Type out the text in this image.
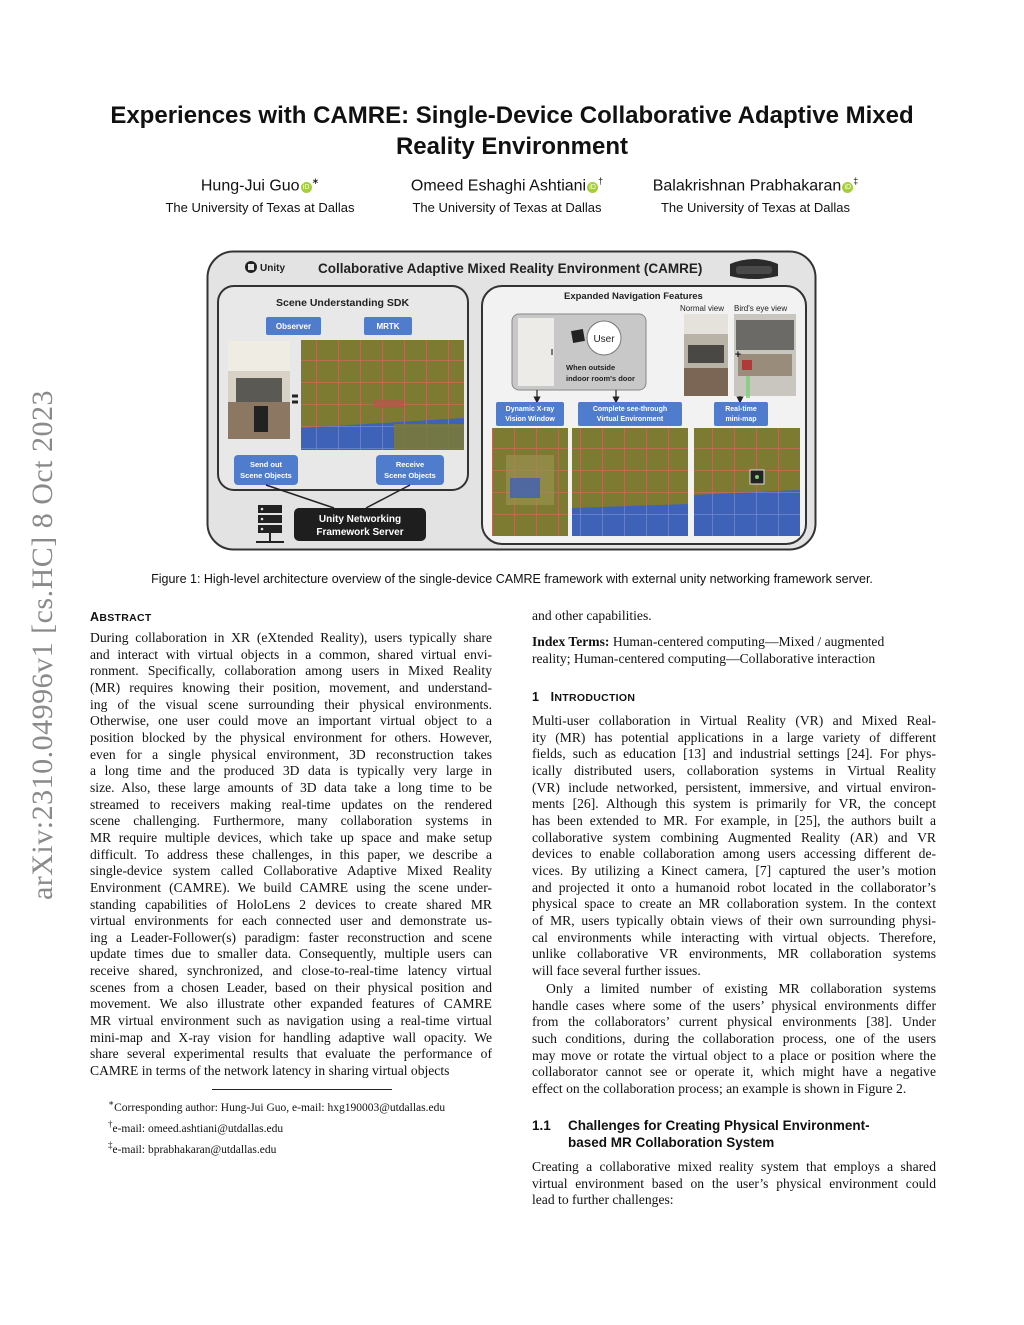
arXiv:2310.04996v1 [cs.HC] 8 Oct 2023
Experiences with CAMRE: Single-Device Collaborative Adaptive Mixed
Reality Environment
Hung-Jui Guo iD∗
The University of Texas at Dallas
Omeed Eshaghi Ashtiani iD†
The University of Texas at Dallas
Balakrishnan Prabhakaran iD‡
The University of Texas at Dallas
Unity Collaborative Adaptive Mixed Reality Environment (CAMRE)
Scene Understanding SDK
Observer	MRTK
Send out
Scene Objects
Receive
Scene Objects
Unity Networking
Framework Server
Expanded Navigation Features
Normal view Bird's eye view
User
When outside
indoor room's door
+
Dynamic X-ray
Vision Window
Complete see-through
Virtual Environment
Real-time
mini-map
Figure 1: High-level architecture overview of the single-device CAMRE framework with external unity networking framework server.
ABSTRACT
During collaboration in XR (eXtended Reality), users typically share
and interact with virtual objects in a common, shared virtual envi-
ronment. Specifically, collaboration among users in Mixed Reality
(MR) requires knowing their position, movement, and understand-
ing of the visual scene surrounding their physical environments.
Otherwise, one user could move an important virtual object to a
position blocked by the physical environment for others. However,
even for a single physical environment, 3D reconstruction takes
a long time and the produced 3D data is typically very large in
size. Also, these large amounts of 3D data take a long time to be
streamed to receivers making real-time updates on the rendered
scene challenging. Furthermore, many collaboration systems in
MR require multiple devices, which take up space and make setup
difficult. To address these challenges, in this paper, we describe a
single-device system called Collaborative Adaptive Mixed Reality
Environment (CAMRE). We build CAMRE using the scene under-
standing capabilities of HoloLens 2 devices to create shared MR
virtual environments for each connected user and demonstrate us-
ing a Leader-Follower(s) paradigm: faster reconstruction and scene
update times due to smaller data. Consequently, multiple users can
receive shared, synchronized, and close-to-real-time latency virtual
scenes from a chosen Leader, based on their physical position and
movement. We also illustrate other expanded features of CAMRE
MR virtual environment such as navigation using a real-time virtual
mini-map and X-ray vision for handling adaptive wall opacity. We
share several experimental results that evaluate the performance of
CAMRE in terms of the network latency in sharing virtual objects
∗Corresponding author: Hung-Jui Guo, e-mail: hxg190003@utdallas.edu
†e-mail: omeed.ashtiani@utdallas.edu
‡e-mail: bprabhakaran@utdallas.edu

and other capabilities.

Index Terms: Human-centered computing—Mixed / augmented

reality; Human-centered computing—Collaborative interaction

1 INTRODUCTION
Multi-user collaboration in Virtual Reality (VR) and Mixed Real-
ity (MR) has potential applications in a large variety of different
fields, such as education [13] and industrial settings [24]. For phys-
ically distributed users, collaboration systems in Virtual Reality
(VR) include networked, persistent, immersive, and virtual environ-
ments [26]. Although this system is primarily for VR, the concept
has been extended to MR. For example, in [25], the authors built a
collaborative system combining Augmented Reality (AR) and VR
devices to enable collaboration among users accessing different de-
vices. By utilizing a Kinect camera, [7] captured the user’s motion
and projected it onto a humanoid robot located in the collaborator’s
physical space to create an MR collaboration system. In the context
of MR, users typically obtain views of their own surrounding physi-
cal environments while interacting with virtual objects. Therefore,
unlike collaborative VR environments, MR collaboration systems
will face several further issues.
Only a limited number of existing MR collaboration systems
handle cases where some of the users’ physical environments differ
from the collaborators’ current physical environments [38]. Under
such conditions, during the collaboration process, one of the users
may move or rotate the virtual object to a place or position where the
collaborator cannot see or operate it, which might have a negative
effect on the collaboration process; an example is shown in Figure 2.
1.1	Challenges for Creating Physical Environment-
based MR Collaboration System
Creating a collaborative mixed reality system that employs a shared
virtual environment based on the user’s physical environment could
lead to further challenges:
